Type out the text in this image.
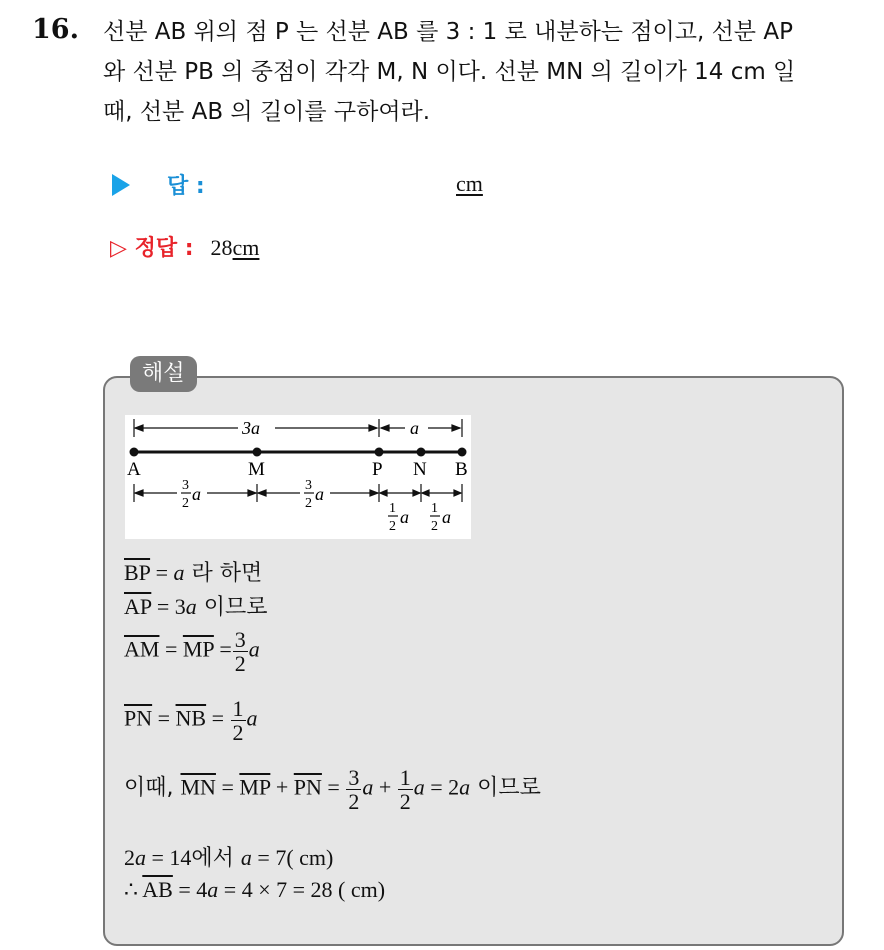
16. 선분 AB 위의 점 P 는 선분 AB 를 3 : 1 로 내분하는 점이고, 선분 AP
와 선분 PB 의 중점이 각각 M, N 이다. 선분 MN 의 길이가 14 cm 일
때, 선분 AB 의 길이를 구하여라.
답 :	cm
▷ 정답 : 28cm
해설
3a	a
A	M	P N B
3
2 a	3
2 a
1
2 a 1
2 a
$\overline{BP} = a$ 라 하면
$\overline{AP} = 3a$ 이므로
$\overline{AM} = \overline{MP} = \frac{3}{2}$ a
$\overline{PN} = \overline{NB} = \frac{1}{2}$ a
이때, $\overline{MN} = \overline{MP} + \overline{PN} = \frac{3}{2}$ $a + \frac{1}{2}$ a = 2a 이므로
2a = 14에서 a = 7( cm)
∴ $\overline{AB} = 4a = 4 \times 7 = 28$ ( cm)
